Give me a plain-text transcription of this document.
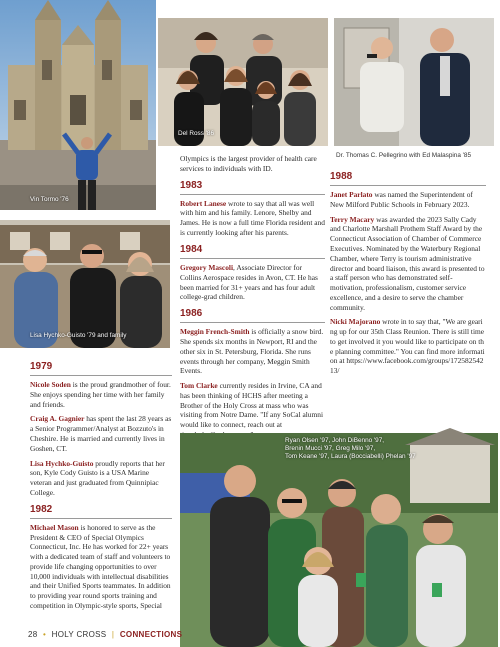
Vin Tormo '76
Del Ross '86
Dr. Thomas C. Pellegrino with Ed Malaspina '85
Lisa Hychko-Guisto '79 and family
1979

Nicole Soden is the proud grandmother of four. She enjoys spending her time with her family and friends.

Craig A. Gagnier has spent the last 28 years as a Senior Programmer/Analyst at Bozzuto's in Cheshire. He is married and currently lives in Goshen, CT.

Lisa Hychko-Guisto proudly reports that her son, Kyle Cody Guisto is a USA Marine veteran and just graduated from Quinnipiac College.

1982

Michael Mason is honored to serve as the President & CEO of Special Olympics Connecticut, Inc. He has worked for 22+ years with a dedicated team of staff and volunteers to provide life changing opportunities to over 10,000 individuals with intellectual disabilities and their Unified Sports teammates. In addition to providing year round sports training and competition in Olympic-style sports, Special

Olympics is the largest provider of health care services to individuals with ID.

1983

Robert Lanese wrote to say that all was well with him and his family. Lenore, Shelby and James. He is now a full time Florida resident and is currently looking after his parents.

1984

Gregory Mascoli, Associate Director for Collins Aerospace resides in Avon, CT. He has been married for 31+ years and has four adult college-grad children.

1986

Meggin French-Smith is officially a snow bird. She spends six months in Newport, RI and the other six in St. Petersburg, Florida. She runs events through her company, Meggin Smith Events.

Tom Clarke currently resides in Irvine, CA and has been thinking of HCHS after meeting a Brother of the Holy Cross at mass who was visiting from Notre Dame. "If any SoCal alumni would like to connect, reach out at

1988

Janet Parlato was named the Superintendent of New Milford Public Schools in February 2023.

Terry Macary was awarded the 2023 Sally Cady and Charlotte Marshall Prothem Staff Award by the Connecticut Association of Chamber of Commerce Executives. Nominated by the Waterbury Regional Chamber, where Terry is tourism administrative director and board liaison, this award is presented to a staff person who has demonstrated self-motivation, professionalism, customer service excellence, and a desire to serve the chamber community.

Nicki Majorano wrote in to say that, "We are gearing up for our 35th Class Reunion. There is still time to get involved it you would like to participate on the planning committee." You can find more information at https://www.facebook.com/groups/17258254213/

Ryan Olsen '97, John DiBenno '97,
Brenin Mucci '97, Greg Milo '97,
Tom Keane '97, Laura (Bocciabelli) Phelan '97
28 • HOLY CROSS | CONNECTIONS
